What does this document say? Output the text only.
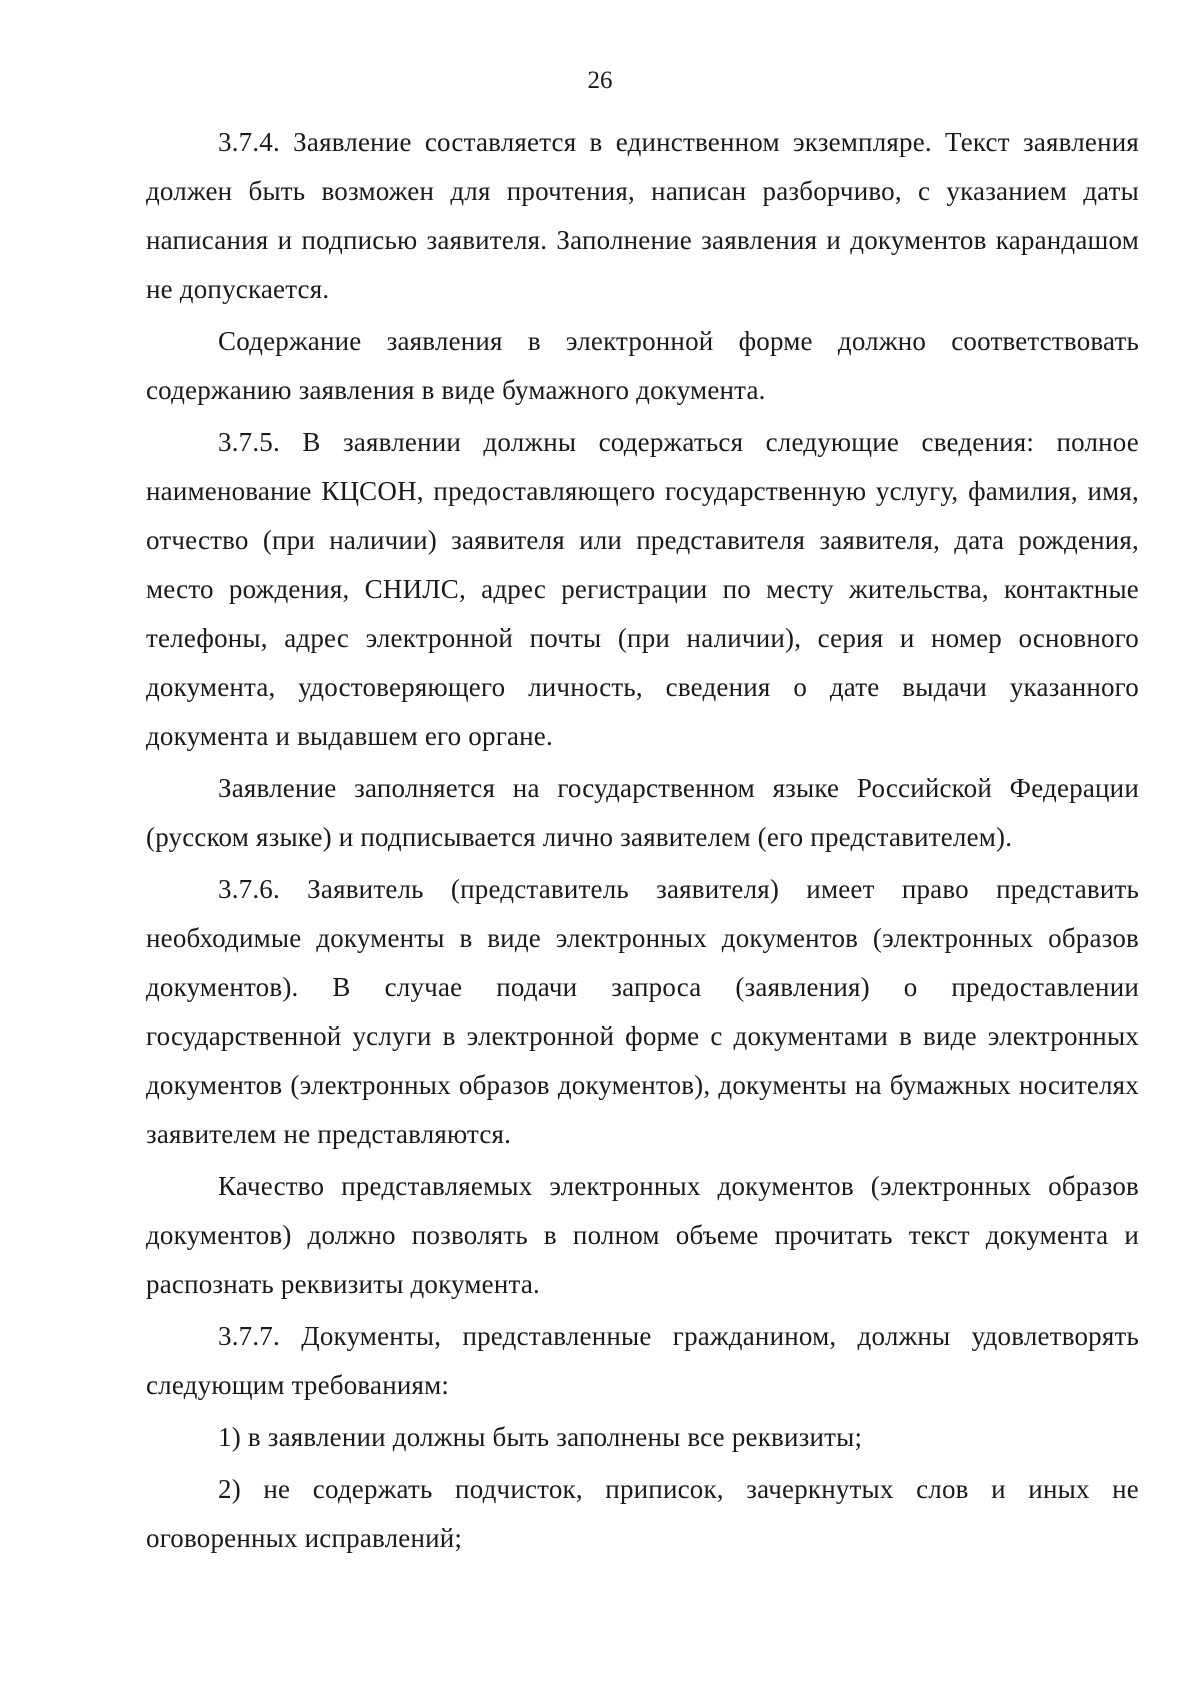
26

3.7.4. Заявление составляется в единственном экземпляре. Текст заявления должен быть возможен для прочтения, написан разборчиво, с указанием даты написания и подписью заявителя. Заполнение заявления и документов карандашом не допускается.

Содержание заявления в электронной форме должно соответствовать содержанию заявления в виде бумажного документа.

3.7.5. В заявлении должны содержаться следующие сведения: полное наименование КЦСОН, предоставляющего государственную услугу, фамилия, имя, отчество (при наличии) заявителя или представителя заявителя, дата рождения, место рождения, СНИЛС, адрес регистрации по месту жительства, контактные телефоны, адрес электронной почты (при наличии), серия и номер основного документа, удостоверяющего личность, сведения о дате выдачи указанного документа и выдавшем его органе.

Заявление заполняется на государственном языке Российской Федерации (русском языке) и подписывается лично заявителем (его представителем).

3.7.6. Заявитель (представитель заявителя) имеет право представить необходимые документы в виде электронных документов (электронных образов документов). В случае подачи запроса (заявления) о предоставлении государственной услуги в электронной форме с документами в виде электронных документов (электронных образов документов), документы на бумажных носителях заявителем не представляются.

Качество представляемых электронных документов (электронных образов документов) должно позволять в полном объеме прочитать текст документа и распознать реквизиты документа.

3.7.7. Документы, представленные гражданином, должны удовлетворять следующим требованиям:

1) в заявлении должны быть заполнены все реквизиты;

2) не содержать подчисток, приписок, зачеркнутых слов и иных не оговоренных исправлений;
